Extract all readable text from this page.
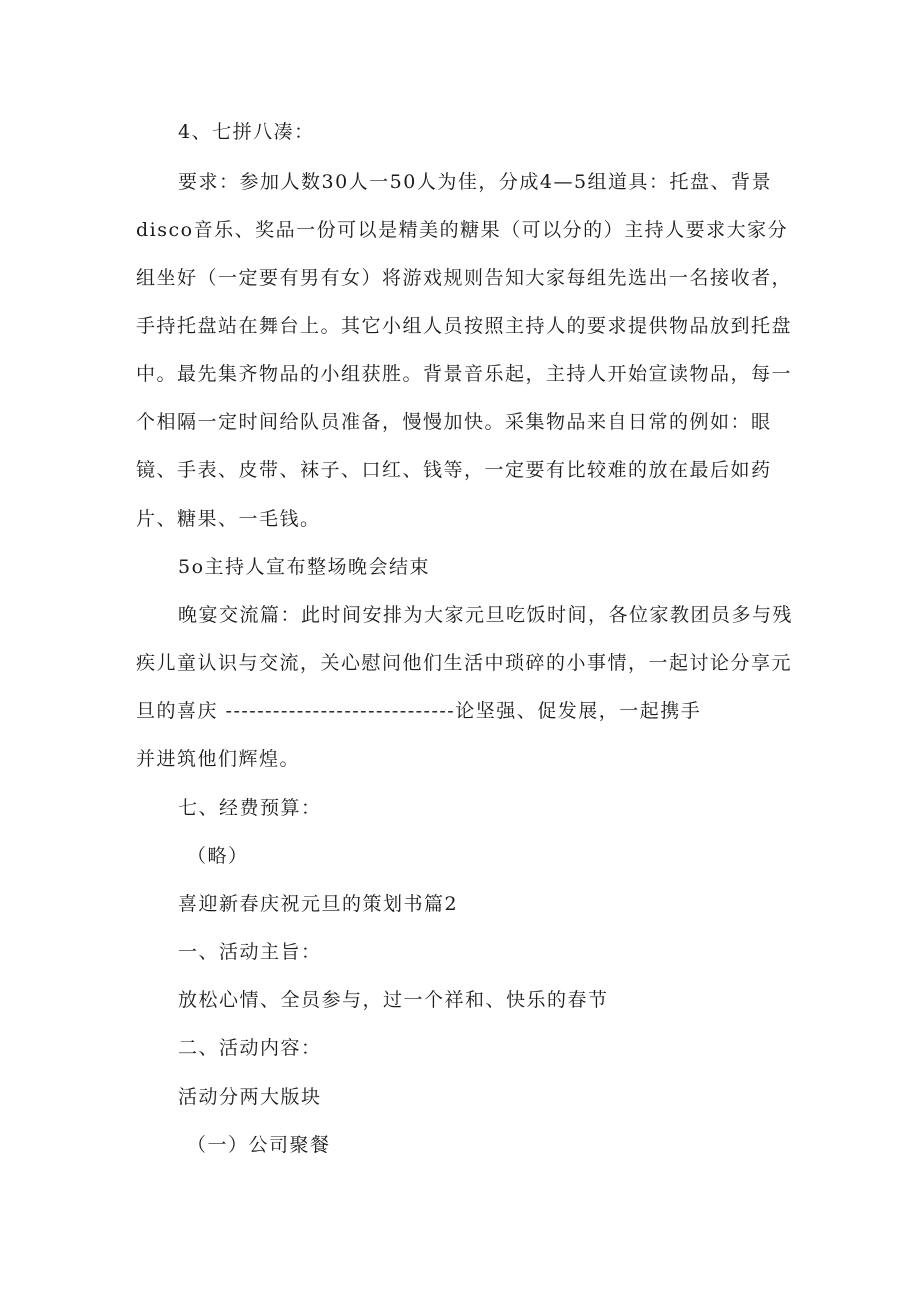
4、七拼八凑：
要求：参加人数30人一50人为佳，分成4—5组道具：托盘、背景
disco音乐、奖品一份可以是精美的糖果（可以分的）主持人要求大家分
组坐好（一定要有男有女）将游戏规则告知大家每组先选出一名接收者，
手持托盘站在舞台上。其它小组人员按照主持人的要求提供物品放到托盘
中。最先集齐物品的小组获胜。背景音乐起，主持人开始宣读物品，每一
个相隔一定时间给队员准备，慢慢加快。采集物品来自日常的例如：眼
镜、手表、皮带、袜子、口红、钱等，一定要有比较难的放在最后如药
片、糖果、一毛钱。
5o主持人宣布整场晚会结束
晚宴交流篇：此时间安排为大家元旦吃饭时间，各位家教团员多与残
疾儿童认识与交流，关心慰问他们生活中琐碎的小事情，一起讨论分享元
旦的喜庆 -----------------------------论坚强、促发展，一起携手
并进筑他们辉煌。
七、经费预算：
（略）
喜迎新春庆祝元旦的策划书篇2
一、活动主旨：
放松心情、全员参与，过一个祥和、快乐的春节
二、活动内容：
活动分两大版块
（一）公司聚餐
